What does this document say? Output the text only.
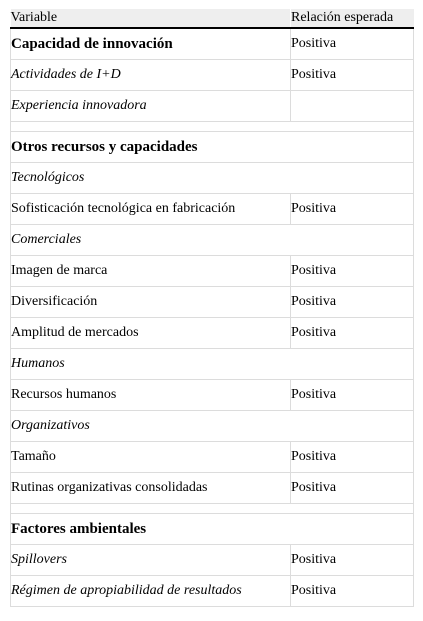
Variable	Relación esperada
Capacidad de innovación	Positiva
Actividades de I+D	Positiva
Experiencia innovadora	

Otros recursos y capacidades	
Tecnológicos	
Sofisticación tecnológica en fabricación	Positiva
Comerciales	
Imagen de marca	Positiva
Diversificación	Positiva
Amplitud de mercados	Positiva
Humanos	
Recursos humanos	Positiva
Organizativos	
Tamaño	Positiva
Rutinas organizativas consolidadas	Positiva

Factores ambientales	
Spillovers	Positiva
Régimen de apropiabilidad de resultados	Positiva
